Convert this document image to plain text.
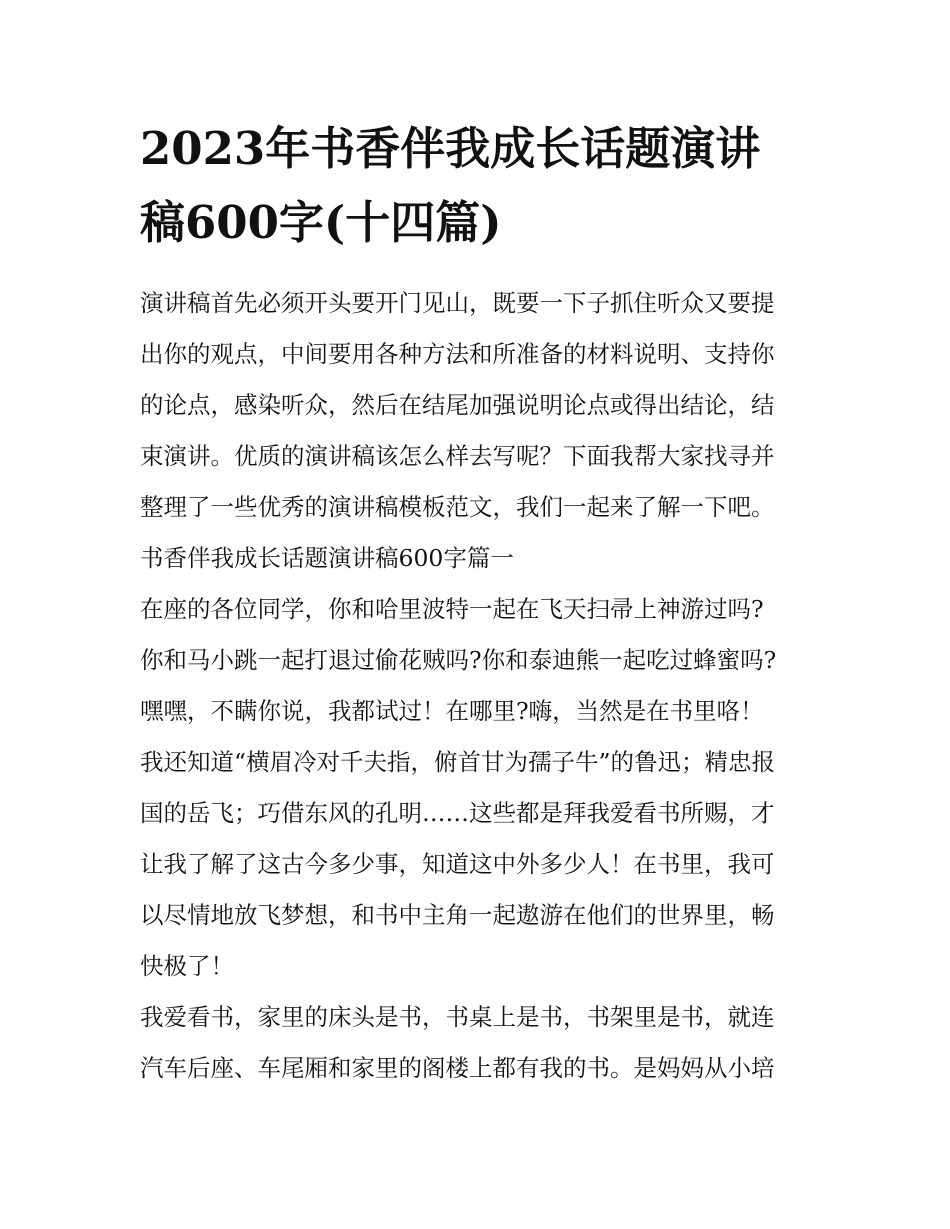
2023年书香伴我成长话题演讲
稿600字(十四篇)
演讲稿首先必须开头要开门见山，既要一下子抓住听众又要提
出你的观点，中间要用各种方法和所准备的材料说明、支持你
的论点，感染听众，然后在结尾加强说明论点或得出结论，结
束演讲。优质的演讲稿该怎么样去写呢？下面我帮大家找寻并
整理了一些优秀的演讲稿模板范文，我们一起来了解一下吧。
书香伴我成长话题演讲稿600字篇一
在座的各位同学，你和哈里波特一起在飞天扫帚上神游过吗?
你和马小跳一起打退过偷花贼吗?你和泰迪熊一起吃过蜂蜜吗?
嘿嘿，不瞒你说，我都试过！在哪里?嗨，当然是在书里咯！
我还知道“横眉冷对千夫指，俯首甘为孺子牛”的鲁迅；精忠报
国的岳飞；巧借东风的孔明……这些都是拜我爱看书所赐，才
让我了解了这古今多少事，知道这中外多少人！在书里，我可
以尽情地放飞梦想，和书中主角一起遨游在他们的世界里，畅
快极了！
我爱看书，家里的床头是书，书桌上是书，书架里是书，就连
汽车后座、车尾厢和家里的阁楼上都有我的书。是妈妈从小培
